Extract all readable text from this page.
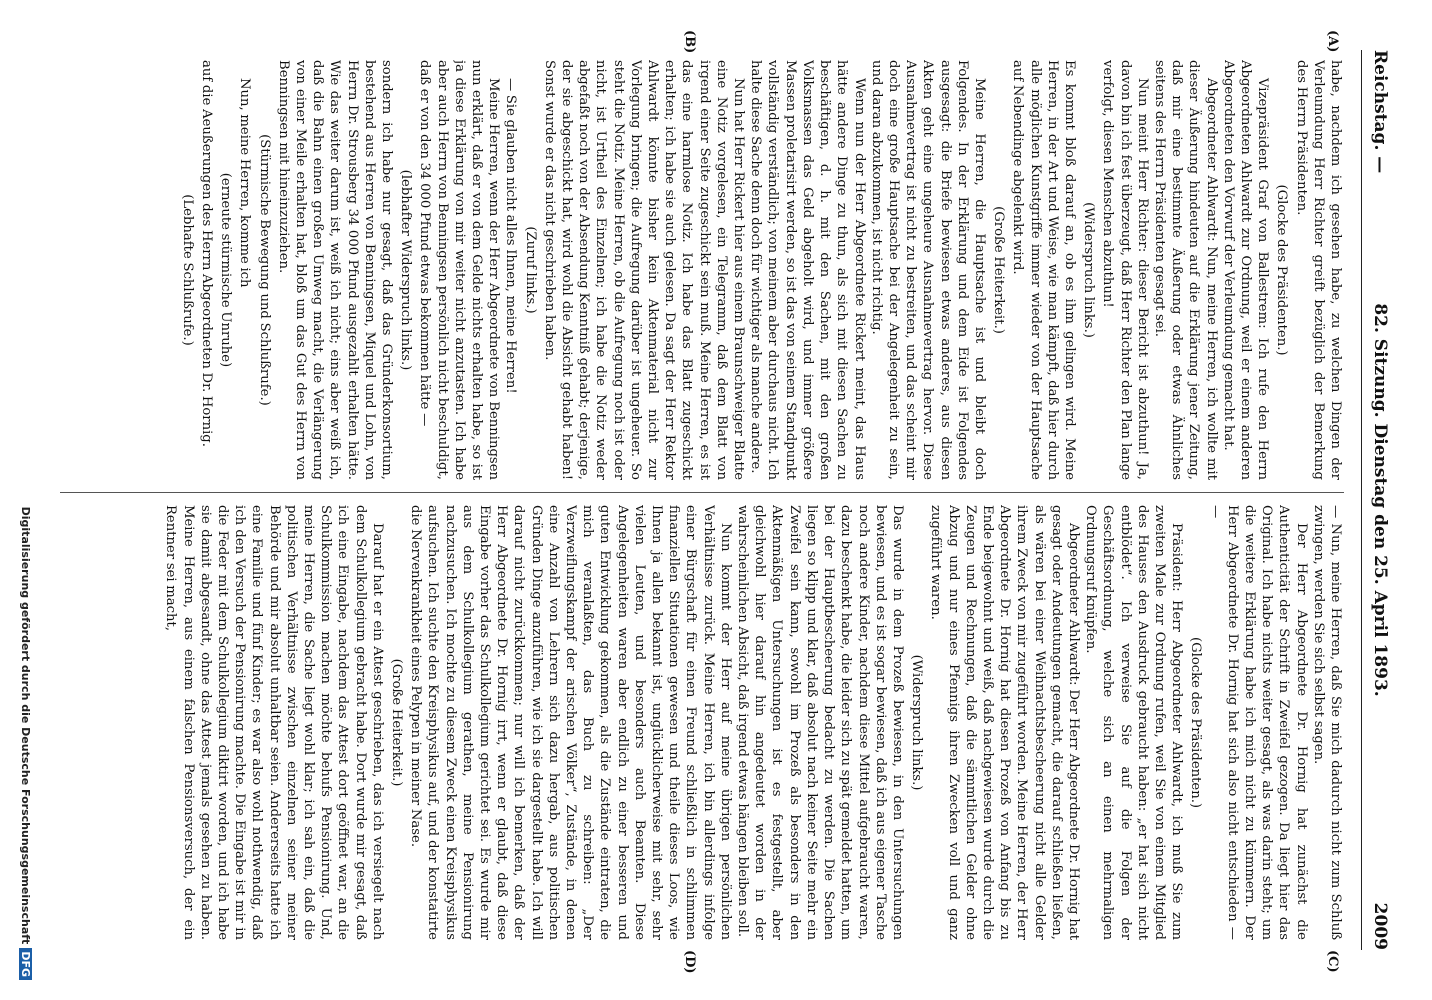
Reichstag. —
82. Sitzung. Dienstag den 25. April 1893.
2009
(A)
(B)
(C)
(D)

habe, nachdem ich gesehen habe, zu welchen Dingen der Verleumdung Herr Richter greift bezüglich der Bemerkung des Herrn Präsidenten.

(Glocke des Präsidenten.)

Vizepräsident Graf von Ballestrem: Ich rufe den Herrn Abgeordneten Ahlwardt zur Ordnung, weil er einem anderen Abgeordneten den Vorwurf der Verleumdung gemacht hat.

Abgeordneter Ahlwardt: Nun, meine Herren, ich wollte mit dieser Äußerung hindeuten auf die Erklärung jener Zeitung, daß mir eine bestimmte Äußerung oder etwas Ähnliches seitens des Herrn Präsidenten gesagt sei.

Nun meint Herr Richter: dieser Bericht ist abzuthun! Ja, davon bin ich fest überzeugt, daß Herr Richter den Plan lange verfolgt, diesen Menschen abzuthun!

(Widerspruch links.)

Es kommt bloß darauf an, ob es ihm gelingen wird. Meine Herren, in der Art und Weise, wie man kämpft, daß hier durch alle möglichen Kunstgriffe immer wieder von der Hauptsache auf Nebendinge abgelenkt wird.

(Große Heiterkeit.)

Meine Herren, die Hauptsache ist und bleibt doch Folgendes. In der Erklärung und dem Eide ist Folgendes ausgesagt: die Briefe bewiesen etwas anderes, aus diesen Akten geht eine ungeheure Ausnahmevertrag hervor. Diese Ausnahmevertrag ist nicht zu bestreiten, und das scheint mir doch eine große Hauptsache bei der Angelegenheit zu sein, und daran abzukommen, ist nicht richtig.

Wenn nun der Herr Abgeordnete Rickert meint, das Haus hätte andere Dinge zu thun, als sich mit diesen Sachen zu beschäftigen, d. h. mit den Sachen, mit den großen Volksmassen das Geld abgeholt wird, und immer größere Massen proletarisirt werden, so ist das von seinem Standpunkt vollständig verständlich; von meinem aber durchaus nicht. Ich halte diese Sache denn doch für wichtiger als manche andere.

Nun hat Herr Rickert hier aus einem Braunschweiger Blatte eine Notiz vorgelesen, ein Telegramm, daß dem Blatt von irgend einer Seite zugeschickt sein muß. Meine Herren, es ist das eine harmlose Notiz. Ich habe das Blatt zugeschickt erhalten; ich habe sie auch gelesen. Da sagt der Herr Rektor Ahlwardt könnte bisher kein Aktenmaterial nicht zur Vorlegung bringen; die Aufregung darüber ist ungeheuer. So steht die Notiz. Meine Herren, ob die Aufregung noch ist oder nicht, ist Urtheil des Einzelnen; ich habe die Notiz weder abgefaßt noch von der Absendung Kenntniß gehabt; derjenige, der sie abgeschickt hat, wird wohl die Absicht gehabt haben! Sonst wurde er das nicht geschrieben haben.

(Zuruf links.)

— Sie glauben nicht alles Ihnen, meine Herren!

Meine Herren, wenn der Herr Abgeordnete von Benningsen nun erklärt, daß er von dem Gelde nichts erhalten habe, so ist ja diese Erklärung von mir weiter nicht anzutasten. Ich habe aber auch Herrn von Benningsen persönlich nicht beschuldigt, daß er von den 34 000 Pfund etwas bekommen hätte —

(lebhafter Widerspruch links.)

sondern ich habe nur gesagt, daß das Gründerkonsortium, bestehend aus Herren von Benningsen, Miquel und Lohn, von Herrn Dr. Strousberg 34 000 Pfund ausgezahlt erhalten hätte. Wie das weiter darum ist, weiß ich nicht; eins aber weiß ich, daß die Bahn einen großen Umweg macht, die Verlängerung von einer Meile erhalten hat, bloß um das Gut des Herrn von Benningsen mit hineinzuziehen.

(Stürmische Bewegung und Schlußrufe.)

Nun, meine Herren, komme ich

(erneute stürmische Unruhe)

auf die Aeußerungen des Herrn Abgeordneten Dr. Hornig.

(Lebhafte Schlußrufe.)

— Nun, meine Herren, daß Sie mich dadurch nicht zum Schluß zwingen, werden Sie sich selbst sagen.

Der Herr Abgeordnete Dr. Hornig hat zunächst die Authenticität der Schrift in Zweifel gezogen. Da liegt hier das Original. Ich habe nichts weiter gesagt, als was darin steht; um die weitere Erklärung habe ich mich nicht zu kümmern. Der Herr Abgeordnete Dr. Hornig hat sich also nicht entschieden — —

(Glocke des Präsidenten.)

Präsident: Herr Abgeordneter Ahlwardt, ich muß Sie zum zweiten Male zur Ordnung rufen, weil Sie von einem Mitglied des Hauses den Ausdruck gebraucht haben: „er hat sich nicht entblödet“. Ich verweise Sie auf die Folgen der Geschäftsordnung, welche sich an einen mehrmaligen Ordnungsruf knüpfen.

Abgeordneter Ahlwardt: Der Herr Abgeordnete Dr. Hornig hat gesagt oder Andeutungen gemacht, die darauf schließen ließen, als wären bei einer Weihnachtsbescheerung nicht alle Gelder ihrem Zweck von mir zugeführt worden. Meine Herren, der Herr Abgeordnete Dr. Hornig hat diesen Prozeß von Anfang bis zu Ende beigewohnt und weiß, daß nachgewiesen wurde durch die Zeugen und Rechnungen, daß die sämmtlichen Gelder ohne Abzug und nur eines Pfennigs ihren Zwecken voll und ganz zugeführt waren.

(Widerspruch links.)

Das wurde in dem Prozeß bewiesen, in den Untersuchungen bewiesen, und es ist sogar bewiesen, daß ich aus eigener Tasche noch andere Kinder, nachdem diese Mittel aufgebraucht waren, dazu beschenkt habe, die leider sich zu spät gemeldet hatten, um bei der Hauptbescheerung bedacht zu werden. Die Sachen liegen so klipp und klar, daß absolut nach keiner Seite mehr ein Zweifel sein kann, sowohl im Prozeß als besonders in den Aktenmäßigen Untersuchungen ist es festgestellt, aber gleichwohl hier darauf hin angedeutet worden in der wahrscheinlichen Absicht, daß irgend etwas hängen bleiben soll.

Nun kommt der Herr auf meine übrigen persönlichen Verhältnisse zurück. Meine Herren, ich bin allerdings infolge einer Bürgschaft für einen Freund schließlich in schlimmen finanziellen Situationen gewesen und theile dieses Loos, wie Ihnen ja allen bekannt ist, unglücklicherweise mit sehr, sehr vielen Leuten, und besonders auch Beamten. Diese Angelegenheiten waren aber endlich zu einer besseren und guten Entwicklung gekommen, als die Zustände eintraten, die mich veranlaßten, das Buch zu schreiben: „Der Verzweiflungskampf der arischen Völker“, Zustände, in denen eine Anzahl von Lehrern sich dazu hergab, aus politischen Gründen Dinge anzuführen, wie ich sie dargestellt habe. Ich will darauf nicht zurückkommen; nur will ich bemerken, daß der Herr Abgeordnete Dr. Hornig irrt, wenn er glaubt, daß diese Eingabe vorher das Schulkollegium gerichtet sei. Es wurde mir aus dem Schulkollegium gerathen, meine Pensionirung nachzusuchen. Ich mochte zu diesem Zweck einen Kreisphysikus aufsuchen. Ich suchte den Kreisphysikus auf, und der konstatirte die Nervenkrankheit eines Pelypen in meiner Nase.

(Große Heiterkeit.)

Darauf hat er ein Attest geschrieben, das ich versiegelt nach dem Schulkollegium gebracht habe. Dort wurde mir gesagt, daß ich eine Eingabe, nachdem das Attest dort geöffnet war, an die Schulkommission machen möchte behufs Pensionirung. Und, meine Herren, die Sache liegt wohl klar; ich sah ein, daß die politischen Verhältnisse zwischen einzelnen seiner meiner Behörde und mir absolut unhaltbar seien. Andererseits hatte ich eine Familie und fünf Kinder; es war also wohl nothwendig, daß ich den Versuch der Pensionirung machte. Die Eingabe ist mir in die Feder mit dem Schulkollegium diktirt worden, und ich habe sie damit abgesandt, ohne das Attest jemals gesehen zu haben. Meine Herren, aus einem falschen Pensionsversuch, der ein Rentner sei macht,

Digitalisierung gefördert durch die Deutsche ForschungsgemeinschaftDFG
